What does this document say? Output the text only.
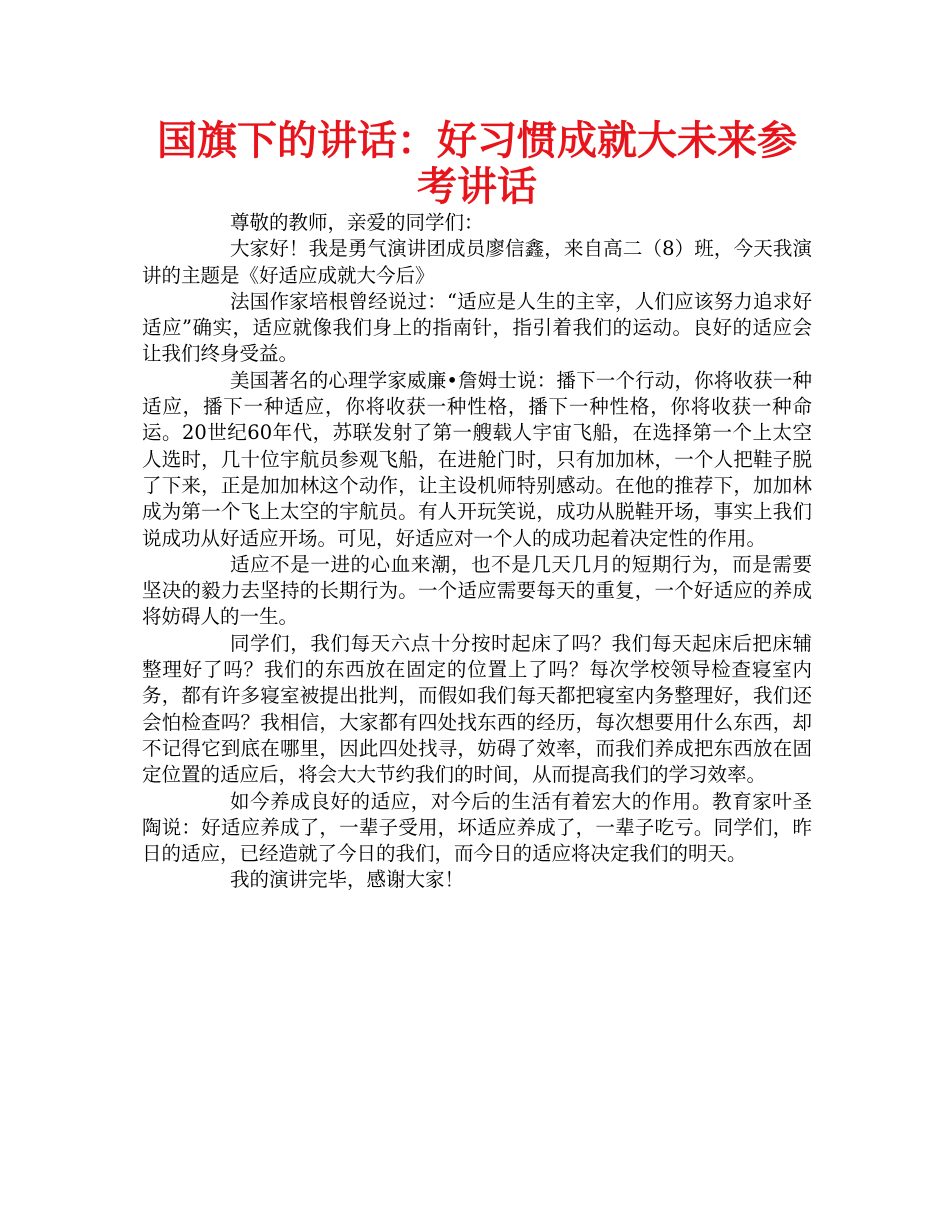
国旗下的讲话：好习惯成就大未来参考讲话

尊敬的教师，亲爱的同学们：

大家好！我是勇气演讲团成员廖信鑫，来自高二（8）班，今天我演讲的主题是《好适应成就大今后》

法国作家培根曾经说过：“适应是人生的主宰，人们应该努力追求好适应”确实，适应就像我们身上的指南针，指引着我们的运动。良好的适应会让我们终身受益。

美国著名的心理学家威廉•詹姆士说：播下一个行动，你将收获一种适应，播下一种适应，你将收获一种性格，播下一种性格，你将收获一种命运。20世纪60年代，苏联发射了第一艘载人宇宙飞船，在选择第一个上太空人选时，几十位宇航员参观飞船，在进舱门时，只有加加林，一个人把鞋子脱了下来，正是加加林这个动作，让主设机师特别感动。在他的推荐下，加加林成为第一个飞上太空的宇航员。有人开玩笑说，成功从脱鞋开场，事实上我们说成功从好适应开场。可见，好适应对一个人的成功起着决定性的作用。

适应不是一进的心血来潮，也不是几天几月的短期行为，而是需要坚决的毅力去坚持的长期行为。一个适应需要每天的重复，一个好适应的养成将妨碍人的一生。

同学们，我们每天六点十分按时起床了吗？我们每天起床后把床辅整理好了吗？我们的东西放在固定的位置上了吗？每次学校领导检查寝室内务，都有许多寝室被提出批判，而假如我们每天都把寝室内务整理好，我们还会怕检查吗？我相信，大家都有四处找东西的经历，每次想要用什么东西，却不记得它到底在哪里，因此四处找寻，妨碍了效率，而我们养成把东西放在固定位置的适应后，将会大大节约我们的时间，从而提高我们的学习效率。

如今养成良好的适应，对今后的生活有着宏大的作用。教育家叶圣陶说：好适应养成了，一辈子受用，坏适应养成了，一辈子吃亏。同学们，昨日的适应，已经造就了今日的我们，而今日的适应将决定我们的明天。

我的演讲完毕，感谢大家！
